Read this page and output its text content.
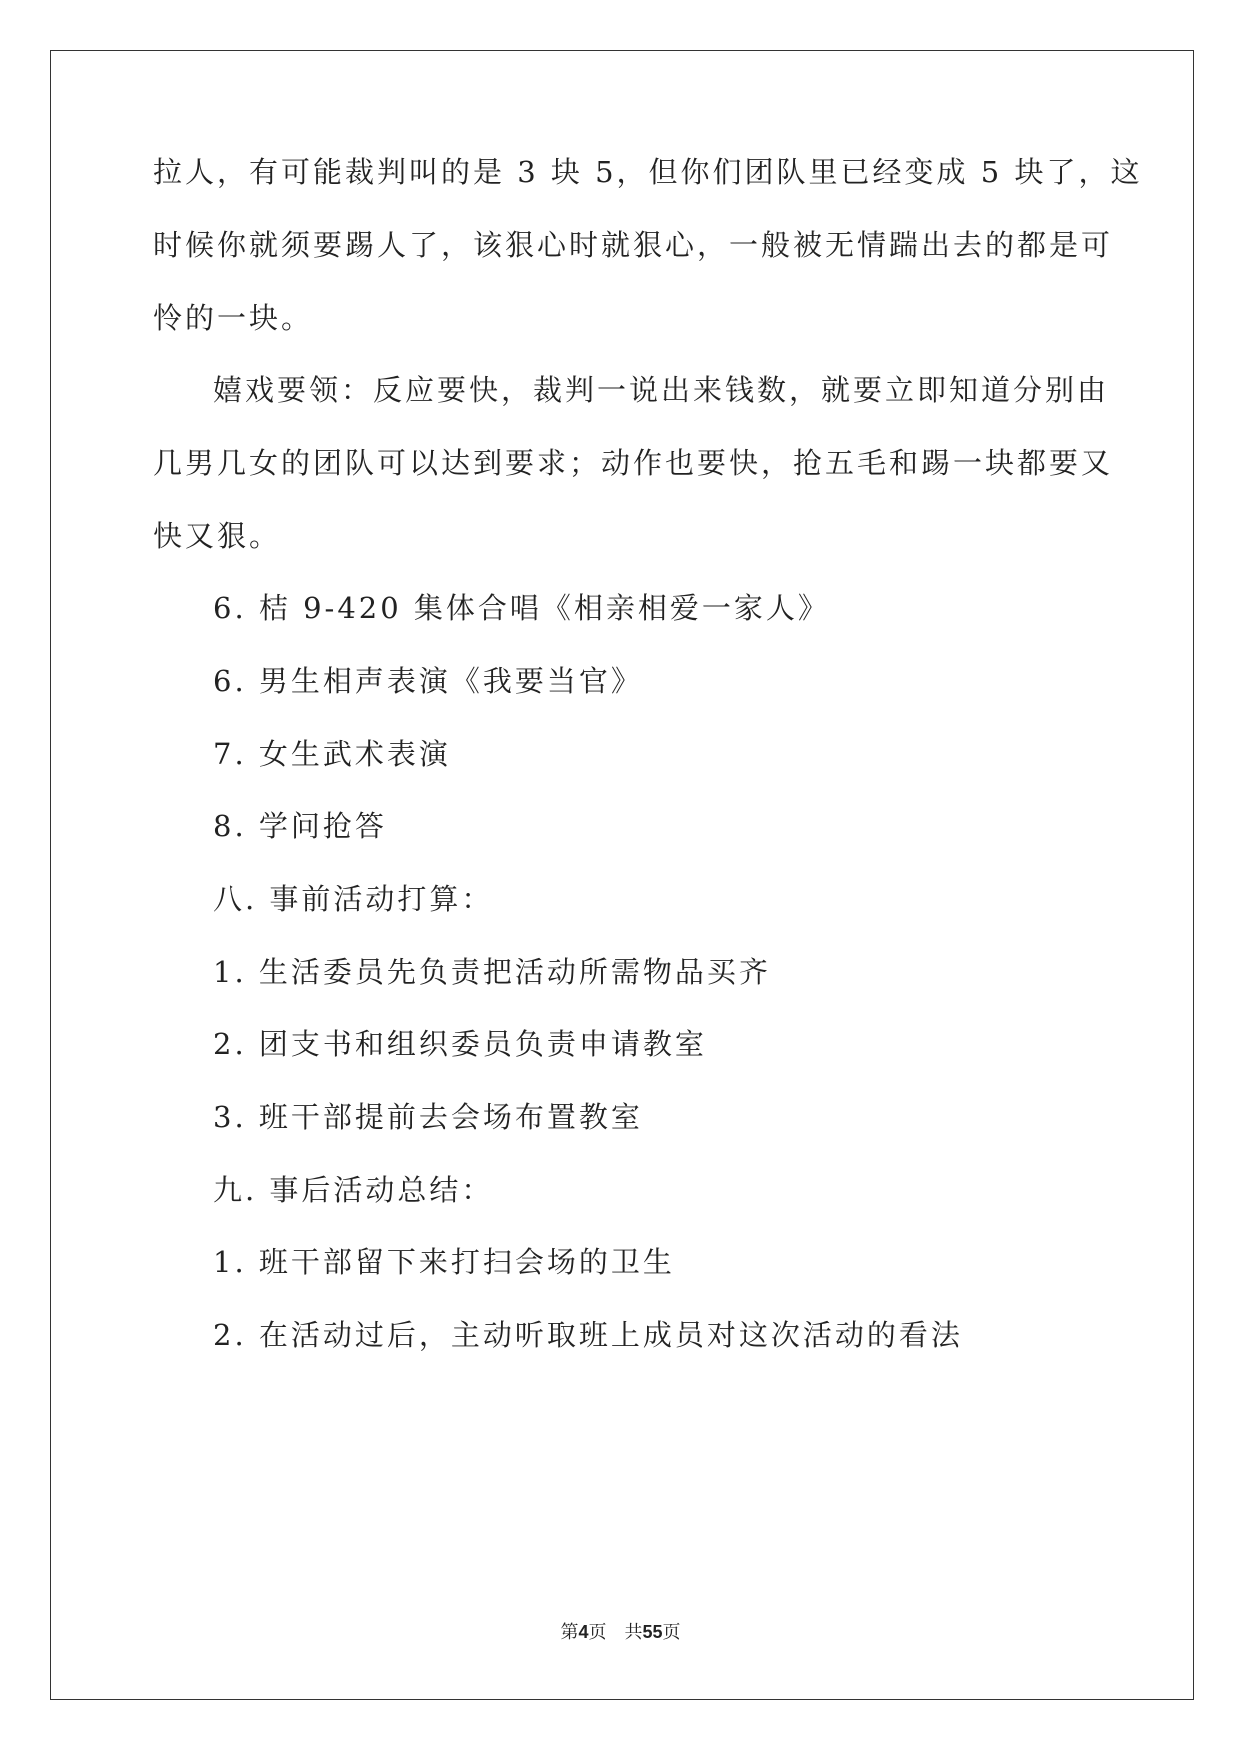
拉人，有可能裁判叫的是 3 块 5，但你们团队里已经变成 5 块了，这
时候你就须要踢人了，该狠心时就狠心，一般被无情踹出去的都是可
怜的一块。
嬉戏要领：反应要快，裁判一说出来钱数，就要立即知道分别由
几男几女的团队可以达到要求；动作也要快，抢五毛和踢一块都要又
快又狠。
6. 桔 9-420 集体合唱《相亲相爱一家人》
6. 男生相声表演《我要当官》
7. 女生武术表演
8. 学问抢答
八. 事前活动打算：
1. 生活委员先负责把活动所需物品买齐
2. 团支书和组织委员负责申请教室
3. 班干部提前去会场布置教室
九. 事后活动总结：
1. 班干部留下来打扫会场的卫生
2. 在活动过后，主动听取班上成员对这次活动的看法
第4页　共55页
